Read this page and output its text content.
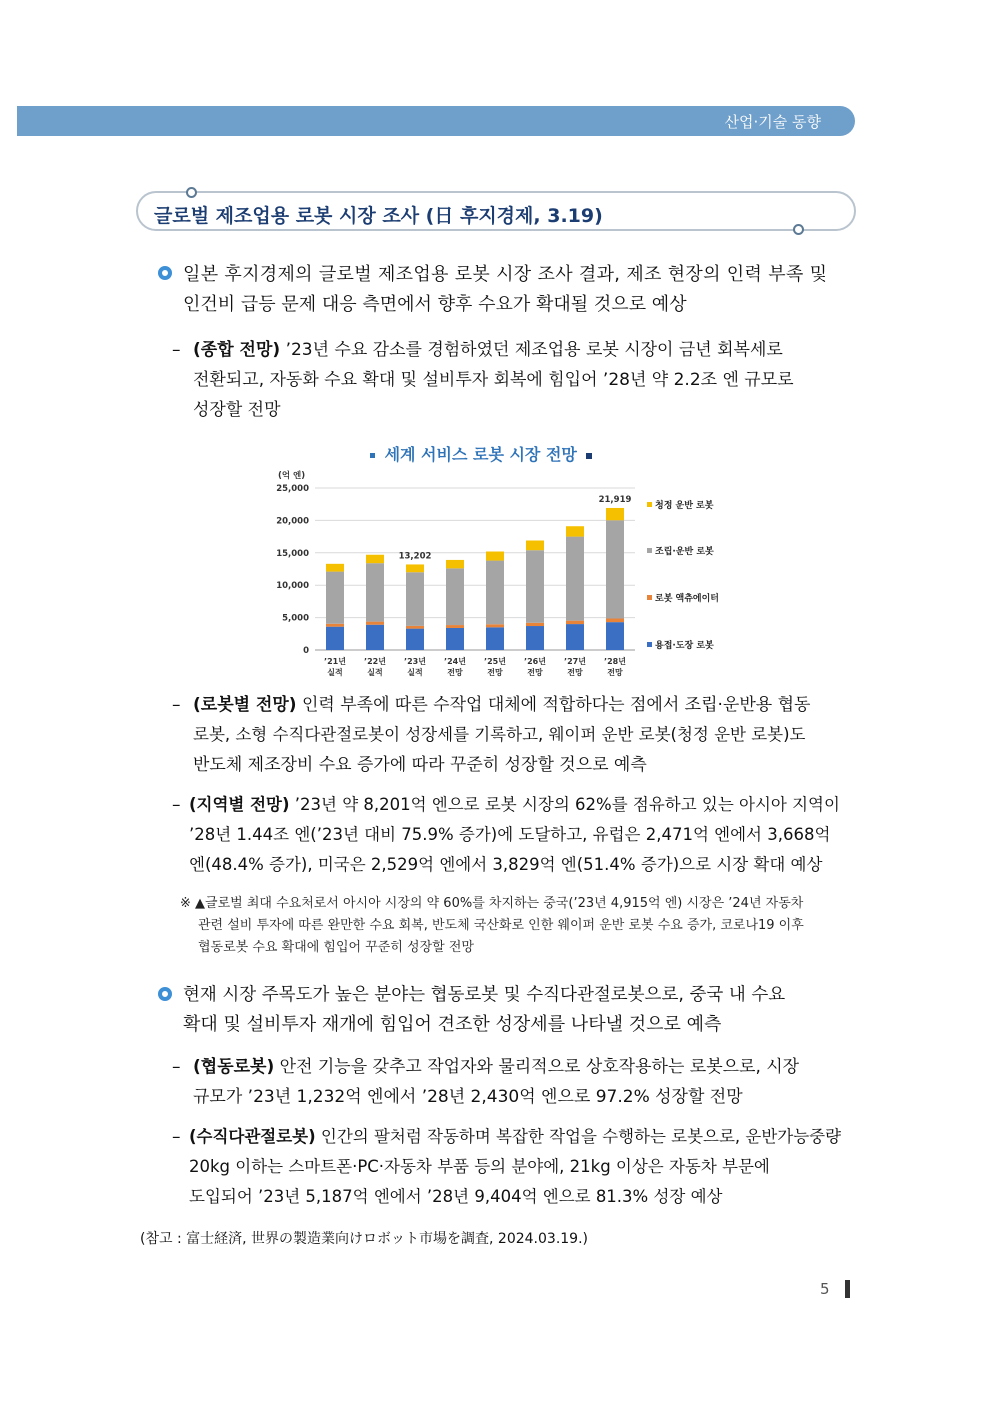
산업·기술 동향
글로벌 제조업용 로봇 시장 조사 (日 후지경제, 3.19)
일본 후지경제의 글로벌 제조업용 로봇 시장 조사 결과, 제조 현장의 인력 부족 및
인건비 급등 문제 대응 측면에서 향후 수요가 확대될 것으로 예상
– (종합 전망) ’23년 수요 감소를 경험하였던 제조업용 로봇 시장이 금년 회복세로
전환되고, 자동화 수요 확대 및 설비투자 회복에 힘입어 ’28년 약 2.2조 엔 규모로
성장할 전망
세계 서비스 로봇 시장 전망
(억 엔)
0
5,000
10,000
15,000
20,000
25,000
’21년
실적
’22년
실적
’23년
실적
’24년
전망
’25년
전망
’26년
전망
’27년
전망
’28년
전망
13,202
21,919
청정 운반 로봇
조립·운반 로봇
로봇 액츄에이터
용접·도장 로봇
– (로봇별 전망) 인력 부족에 따른 수작업 대체에 적합하다는 점에서 조립·운반용 협동
로봇, 소형 수직다관절로봇이 성장세를 기록하고, 웨이퍼 운반 로봇(청정 운반 로봇)도
반도체 제조장비 수요 증가에 따라 꾸준히 성장할 것으로 예측
– (지역별 전망) ’23년 약 8,201억 엔으로 로봇 시장의 62%를 점유하고 있는 아시아 지역이
’28년 1.44조 엔(’23년 대비 75.9% 증가)에 도달하고, 유럽은 2,471억 엔에서 3,668억
엔(48.4% 증가), 미국은 2,529억 엔에서 3,829억 엔(51.4% 증가)으로 시장 확대 예상
※ ▲글로벌 최대 수요처로서 아시아 시장의 약 60%를 차지하는 중국(’23년 4,915억 엔) 시장은 ’24년 자동차
관련 설비 투자에 따른 완만한 수요 회복, 반도체 국산화로 인한 웨이퍼 운반 로봇 수요 증가, 코로나19 이후
협동로봇 수요 확대에 힘입어 꾸준히 성장할 전망
현재 시장 주목도가 높은 분야는 협동로봇 및 수직다관절로봇으로, 중국 내 수요
확대 및 설비투자 재개에 힘입어 견조한 성장세를 나타낼 것으로 예측
– (협동로봇) 안전 기능을 갖추고 작업자와 물리적으로 상호작용하는 로봇으로, 시장
규모가 ’23년 1,232억 엔에서 ’28년 2,430억 엔으로 97.2% 성장할 전망
– (수직다관절로봇) 인간의 팔처럼 작동하며 복잡한 작업을 수행하는 로봇으로, 운반가능중량
20kg 이하는 스마트폰·PC·자동차 부품 등의 분야에, 21kg 이상은 자동차 부문에
도입되어 ’23년 5,187억 엔에서 ’28년 9,404억 엔으로 81.3% 성장 예상
(참고 : 富士経済, 世界の製造業向けロボット市場を調査, 2024.03.19.)
5
